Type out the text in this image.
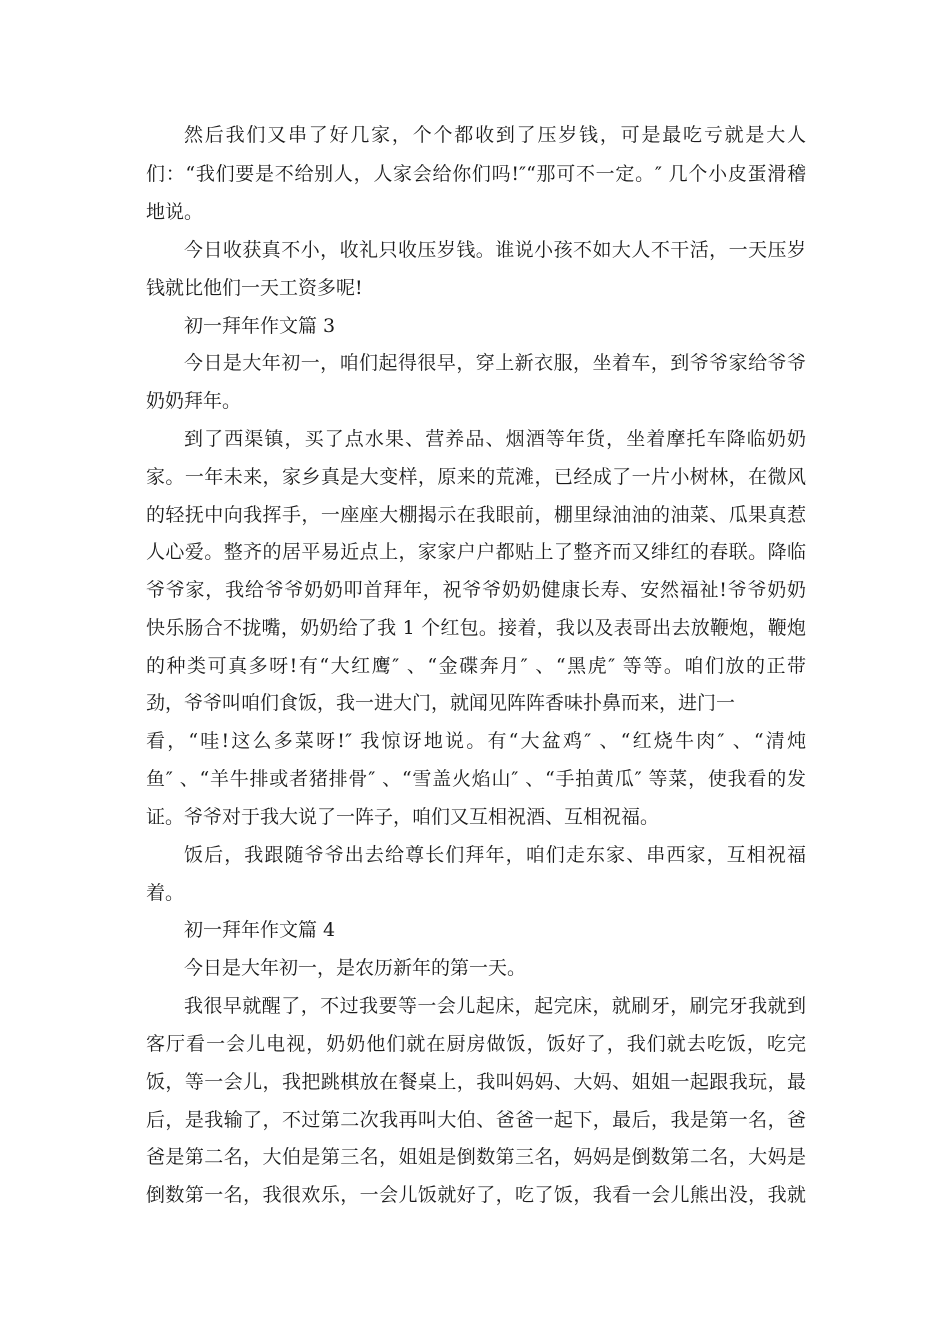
然后我们又串了好几家，个个都收到了压岁钱，可是最吃亏就是大人

们：“我们要是不给别人，人家会给你们吗!″“那可不一定。″ 几个小皮蛋滑稽

地说。

今日收获真不小，收礼只收压岁钱。谁说小孩不如大人不干活，一天压岁

钱就比他们一天工资多呢!

初一拜年作文篇 3

今日是大年初一，咱们起得很早，穿上新衣服，坐着车，到爷爷家给爷爷

奶奶拜年。

到了西渠镇，买了点水果、营养品、烟酒等年货，坐着摩托车降临奶奶

家。一年未来，家乡真是大变样，原来的荒滩，已经成了一片小树林，在微风

的轻抚中向我挥手，一座座大棚揭示在我眼前，棚里绿油油的油菜、瓜果真惹

人心爱。整齐的居平易近点上，家家户户都贴上了整齐而又绯红的春联。降临

爷爷家，我给爷爷奶奶叩首拜年，祝爷爷奶奶健康长寿、安然福祉!爷爷奶奶

快乐肠合不拢嘴，奶奶给了我 1 个红包。接着，我以及表哥出去放鞭炮，鞭炮

的种类可真多呀!有“大红鹰″ 、“金碟奔月″ 、“黑虎″ 等等。咱们放的正带

劲，爷爷叫咱们食饭，我一进大门，就闻见阵阵香味扑鼻而来，进门一

看，“哇!这么多菜呀!″ 我惊讶地说。有“大盆鸡″ 、“红烧牛肉″ 、“清炖

鱼″ 、“羊牛排或者猪排骨″ 、“雪盖火焰山″ 、“手拍黄瓜″ 等菜，使我看的发

证。爷爷对于我大说了一阵子，咱们又互相祝酒、互相祝福。

饭后，我跟随爷爷出去给尊长们拜年，咱们走东家、串西家，互相祝福

着。

初一拜年作文篇 4

今日是大年初一，是农历新年的第一天。

我很早就醒了，不过我要等一会儿起床，起完床，就刷牙，刷完牙我就到

客厅看一会儿电视，奶奶他们就在厨房做饭，饭好了，我们就去吃饭，吃完

饭，等一会儿，我把跳棋放在餐桌上，我叫妈妈、大妈、姐姐一起跟我玩，最

后，是我输了，不过第二次我再叫大伯、爸爸一起下，最后，我是第一名，爸

爸是第二名，大伯是第三名，姐姐是倒数第三名，妈妈是倒数第二名，大妈是

倒数第一名，我很欢乐，一会儿饭就好了，吃了饭，我看一会儿熊出没，我就
